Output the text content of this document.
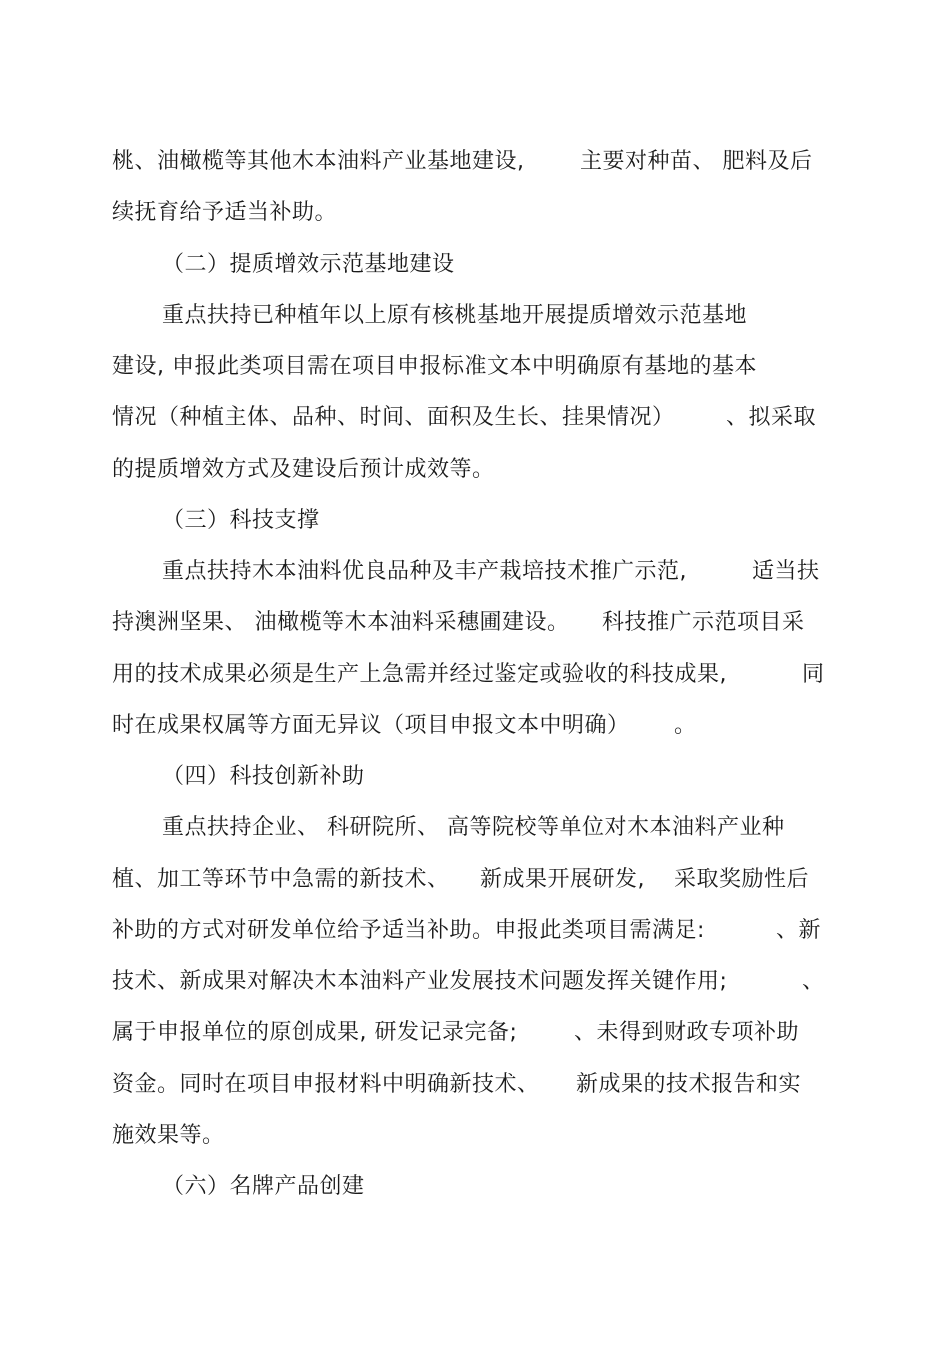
桃、油橄榄等其他木本油料产业基地建设,	主要对种苗、 肥料及后
续抚育给予适当补助。
（二）提质增效示范基地建设
重点扶持已种植年以上原有核桃基地开展提质增效示范基地
建设, 申报此类项目需在项目申报标准文本中明确原有基地的基本
情况（种植主体、品种、时间、面积及生长、挂果情况） 、拟采取
的提质增效方式及建设后预计成效等。
（三）科技支撑
重点扶持木本油料优良品种及丰产栽培技术推广示范,	适当扶
持澳洲坚果、 油橄榄等木本油料采穗圃建设。 科技推广示范项目采
用的技术成果必须是生产上急需并经过鉴定或验收的科技成果,	同
时在成果权属等方面无异议（项目申报文本中明确） 。
（四）科技创新补助
重点扶持企业、 科研院所、 高等院校等单位对木本油料产业种
植、加工等环节中急需的新技术、 新成果开展研发, 采取奖励性后
补助的方式对研发单位给予适当补助。申报此类项目需满足:	、新
技术、新成果对解决木本油料产业发展技术问题发挥关键作用;	、
属于申报单位的原创成果, 研发记录完备;	、未得到财政专项补助
资金。同时在项目申报材料中明确新技术、 新成果的技术报告和实
施效果等。
（六）名牌产品创建
